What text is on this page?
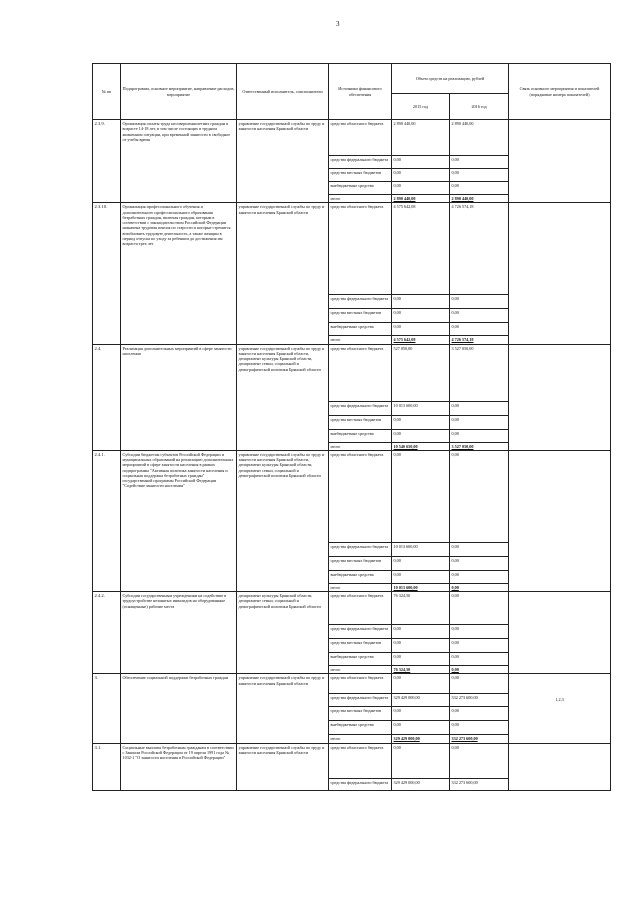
3
№ пп	Подпрограмма, основное мероприятие, направление расходов, мероприятие	Ответственный исполнитель, соисполнители	Источники финансового обеспечения	Объем средств на реализацию, рублей		Связь основного мероприятия и показателей (порядковые номера показателей)
				2015 год	2016 год	
2.3.9.	Организация оплаты труда несовершеннолетних граждан в возрасте 14-18 лет, в том числе состоящих в трудном жизненном ситуации, при временной занятости в свободное от учебы время	управление государственной службы по труду и занятости населения Брянской области	средства областного бюджета	2 890 440,00	2 890 440,00	
			средства федерального бюджета	0,00	0,00	
			средства местных бюджетов	0,00	0,00	
			внебюджетные средства	0,00	0,00	
			итого	2 890 440,00	2 890 440,00	
2.3.10.	Организация профессионального обучения и дополнительного профессионального образования безработных граждан, включая граждан, которым в соответствии с законодательством Российской Федерации назначена трудовая пенсия по старости и которые стремятся возобновить трудовую деятельность, а также женщин в период отпуска по уходу за ребенком до достижения им возраста трех лет	управление государственной службы по труду и занятости населения Брянской области	средства областного бюджета	4 575 642,08	4 726 574,18	
			средства федерального бюджета	0,00	0,00	
			средства местных бюджетов	0,00	0,00	
			внебюджетные средства	0,00	0,00	
			итого	4 575 642,08	4 726 574,18	
2.4.	Реализация дополнительных мероприятий в сфере занятости населения	управление государственной службы по труду и занятости населения Брянской области, департамент культуры Брянской области, департамент семьи, социальной и демографической политики Брянской области	средства областного бюджета	527 050,00	3 527 050,00	
			средства федерального бюджета	10 013 600,00	0,00	
			средства местных бюджетов	0,00	0,00	
			внебюджетные средства	0,00	0,00	
			итого	10 540 650,00	3 527 050,00	
2.4.1.	Субсидии бюджетам субъектов Российской Федерации и муниципальных образований на реализацию дополнительных мероприятий в сфере занятости населения в рамках подпрограммы "Активная политика занятости населения и социальная поддержка безработных граждан" государственной программы Российской Федерации "Содействие занятости населения"	управление государственной службы по труду и занятости населения Брянской области, департамент культуры Брянской области, департамент семьи, социальной и демографической политики Брянской области	средства областного бюджета	0,00	0,00	
			средства федерального бюджета	10 013 600,00	0,00	
			средства местных бюджетов	0,00	0,00	
			внебюджетные средства	0,00	0,00	
			итого	10 013 600,00	0,00	
2.4.2.	Субсидии государственным учреждениям на содействие в трудоустройстве незанятых инвалидов на оборудованные (оснащенные) рабочие места	департамент культуры Брянской области, департамент семьи, социальной и демографической политики Брянской области	средства областного бюджета	76 324,50	0,00	
			средства федерального бюджета	0,00	0,00	
			средства местных бюджетов	0,00	0,00	
			внебюджетные средства	0,00	0,00	
			итого	76 324,50	0,00	
3.	Обеспечение социальной поддержки безработных граждан	управление государственной службы по труду и занятости населения Брянской области	средства областного бюджета	0,00	0,00	1,2,3
			средства федерального бюджета	329 429 000,00	332 273 600,00	
			средства местных бюджетов	0,00	0,00	
			внебюджетные средства	0,00	0,00	
			итого	329 429 000,00	332 273 600,00	
3.1.	Социальные выплаты безработным гражданам в соответствии с Законом Российской Федерации от 19 апреля 1991 года № 1032-1 "О занятости населения в Российской Федерации"	управление государственной службы по труду и занятости населения Брянской области	средства областного бюджета	0,00	0,00	
			средства федерального бюджета	329 429 000,00	332 273 600,00	
